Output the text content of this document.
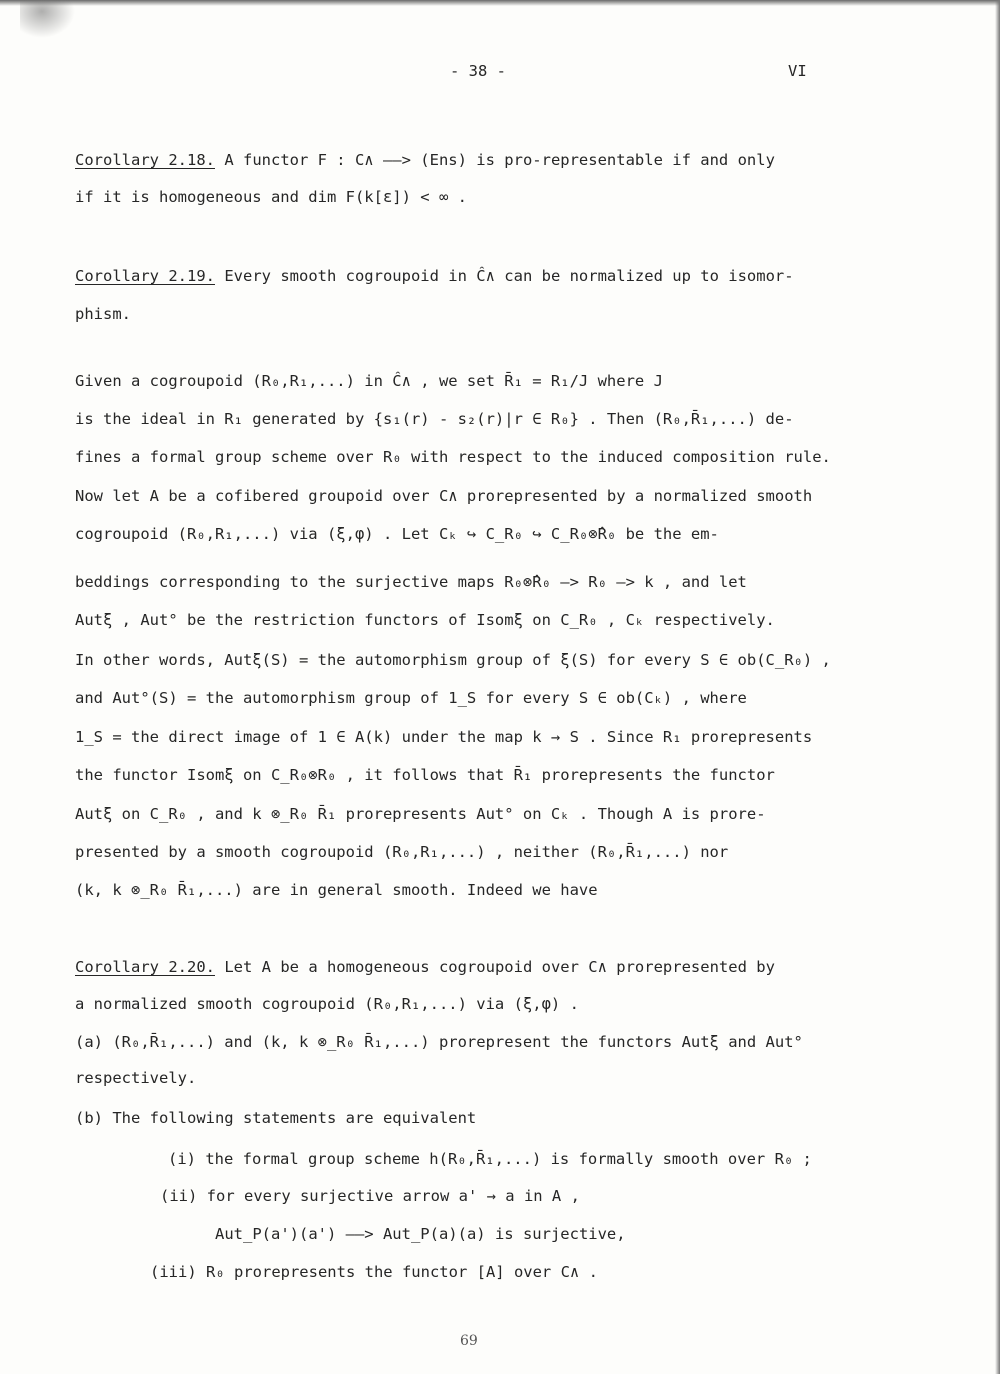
- 38 -	VI
Corollary 2.18. A functor F : C∧ ——> (Ens) is pro-representable if and only
if it is homogeneous and dim F(k[ε]) < ∞ .
Corollary 2.19. Every smooth cogroupoid in Ĉ∧ can be normalized up to isomor-
phism.
Given a cogroupoid (R₀,R₁,...) in Ĉ∧ , we set R̄₁ = R₁/J where J
is the ideal in R₁ generated by {s₁(r) - s₂(r)|r ∈ R₀} . Then (R₀,R̄₁,...) de-
fines a formal group scheme over R₀ with respect to the induced composition rule.
Now let A be a cofibered groupoid over C∧ prorepresented by a normalized smooth
cogroupoid (R₀,R₁,...) via (ξ,φ) . Let Cₖ ↪ C_R₀ ↪ C_R₀⊗̂R₀ be the em-
beddings corresponding to the surjective maps R₀⊗̂R₀ —> R₀ —> k , and let
Autξ , Aut° be the restriction functors of Isomξ on C_R₀ , Cₖ respectively.
In other words, Autξ(S) = the automorphism group of ξ(S) for every S ∈ ob(C_R₀) ,
and Aut°(S) = the automorphism group of 1_S for every S ∈ ob(Cₖ) , where
1_S = the direct image of 1 ∈ A(k) under the map k → S . Since R₁ prorepresents
the functor Isomξ on C_R₀⊗R₀ , it follows that R̄₁ prorepresents the functor
Autξ on C_R₀ , and k ⊗_R₀ R̄₁ prorepresents Aut° on Cₖ . Though A is prore-
presented by a smooth cogroupoid (R₀,R₁,...) , neither (R₀,R̄₁,...) nor
(k, k ⊗_R₀ R̄₁,...) are in general smooth. Indeed we have
Corollary 2.20. Let A be a homogeneous cogroupoid over C∧ prorepresented by
a normalized smooth cogroupoid (R₀,R₁,...) via (ξ,φ) .
(a) (R₀,R̄₁,...) and (k, k ⊗_R₀ R̄₁,...) prorepresent the functors Autξ and Aut°
respectively.
(b) The following statements are equivalent
(i) the formal group scheme h(R₀,R̄₁,...) is formally smooth over R₀ ;
(ii) for every surjective arrow a' → a in A ,
Aut_P(a')(a') ——> Aut_P(a)(a) is surjective,
(iii) R₀ prorepresents the functor [A] over C∧ .
69
